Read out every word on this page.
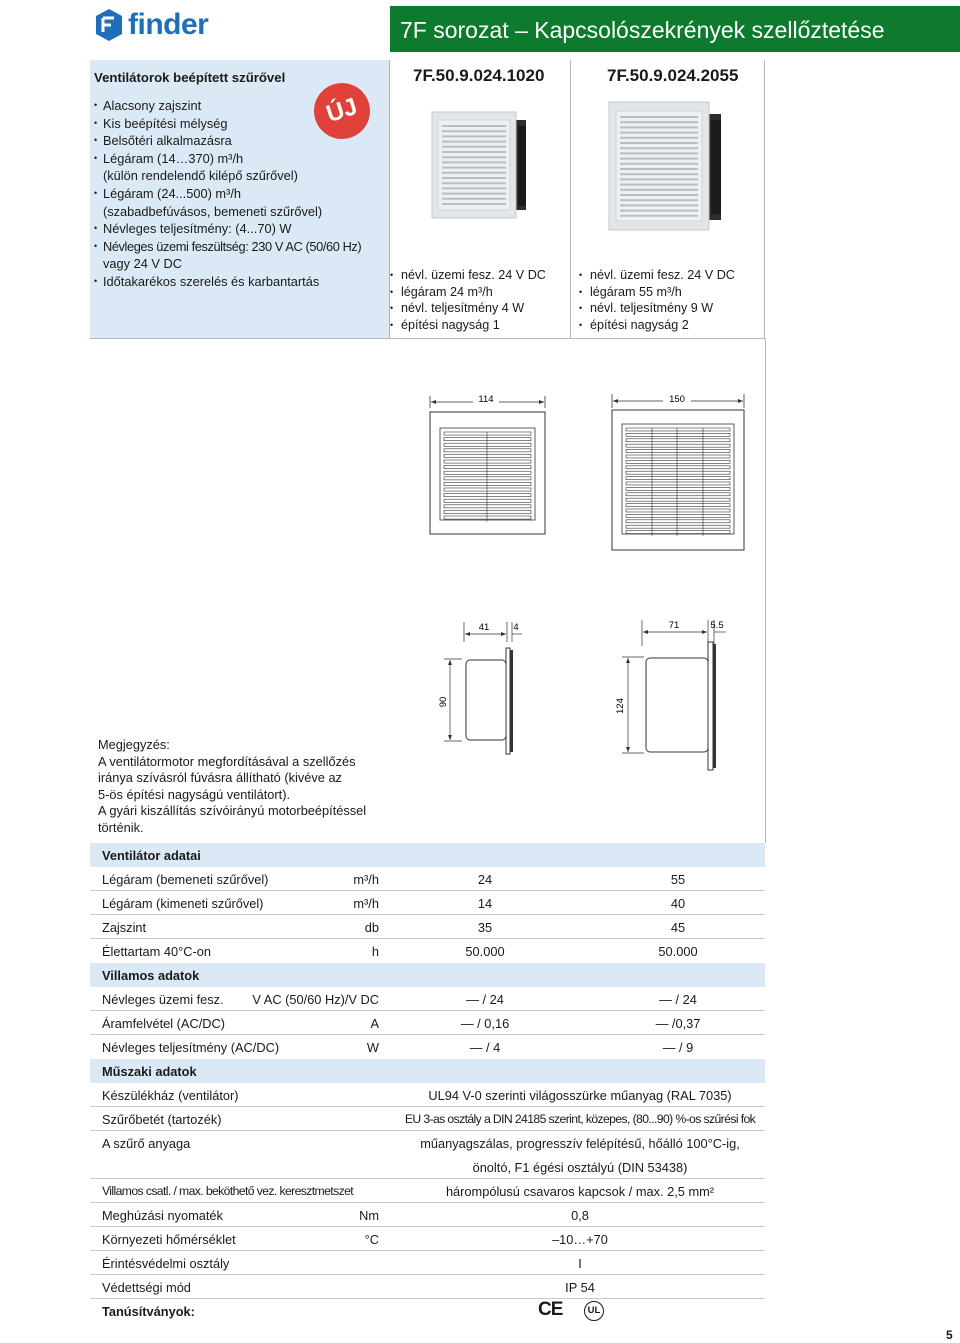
finder	7F sorozat – Kapcsolószekrények szellőztetése
Ventilátorok beépített szűrővel
ÚJ
• Alacsony zajszint
• Kis beépítési mélység
• Belsőtéri alkalmazásra
• Légáram (14…370) m³/h
(külön rendelendő kilépő szűrővel)
• Légáram (24...500) m³/h
(szabadbefúvásos, bemeneti szűrővel)
• Névleges teljesítmény: (4...70) W
• Névleges üzemi feszültség: 230 V AC (50/60 Hz)
vagy 24 V DC
• Időtakarékos szerelés és karbantartás
7F.50.9.024.1020
• névl. üzemi fesz. 24 V DC
• légáram 24 m³/h
• névl. teljesítmény 4 W
• építési nagyság 1
7F.50.9.024.2055
• névl. üzemi fesz. 24 V DC
• légáram 55 m³/h
• névl. teljesítmény 9 W
• építési nagyság 2
114	150
41	4
90
71	5.5
124
Megjegyzés:
A ventilátormotor megfordításával a szellőzés
iránya szívásról fúvásra állítható (kivéve az
5-ös építési nagyságú ventilátort).
A gyári kiszállítás szívóirányú motorbeépítéssel
történik.
Ventilátor adatai
Légáram (bemeneti szűrővel)	m³/h	24	55
Légáram (kimeneti szűrővel)	m³/h	14	40
Zajszint	db	35	45
Élettartam 40°C-on	h	50.000	50.000
Villamos adatok
Névleges üzemi fesz. V AC (50/60 Hz)/V DC	— / 24	— / 24
Áramfelvétel (AC/DC)	A	— / 0,16	— /0,37
Névleges teljesítmény (AC/DC)	W	— / 4	— / 9
Műszaki adatok
Készülékház (ventilátor)	UL94 V-0 szerinti világosszürke műanyag (RAL 7035)
Szűrőbetét (tartozék)	EU 3-as osztály a DIN 24185 szerint, közepes, (80...90) %-os szűrési fok
A szűrő anyaga	műanyagszálas, progresszív felépítésű, hőálló 100°C-ig,
önoltó, F1 égési osztályú (DIN 53438)
Villamos csatl. / max. beköthető vez. keresztmetszet	hárompólusú csavaros kapcsok / max. 2,5 mm²
Meghúzási nyomaték	Nm	0,8
Környezeti hőmérséklet	°C	–10…+70
Érintésvédelmi osztály	I
Védettségi mód	IP 54
Tanúsítványok:	CE	UL
5
